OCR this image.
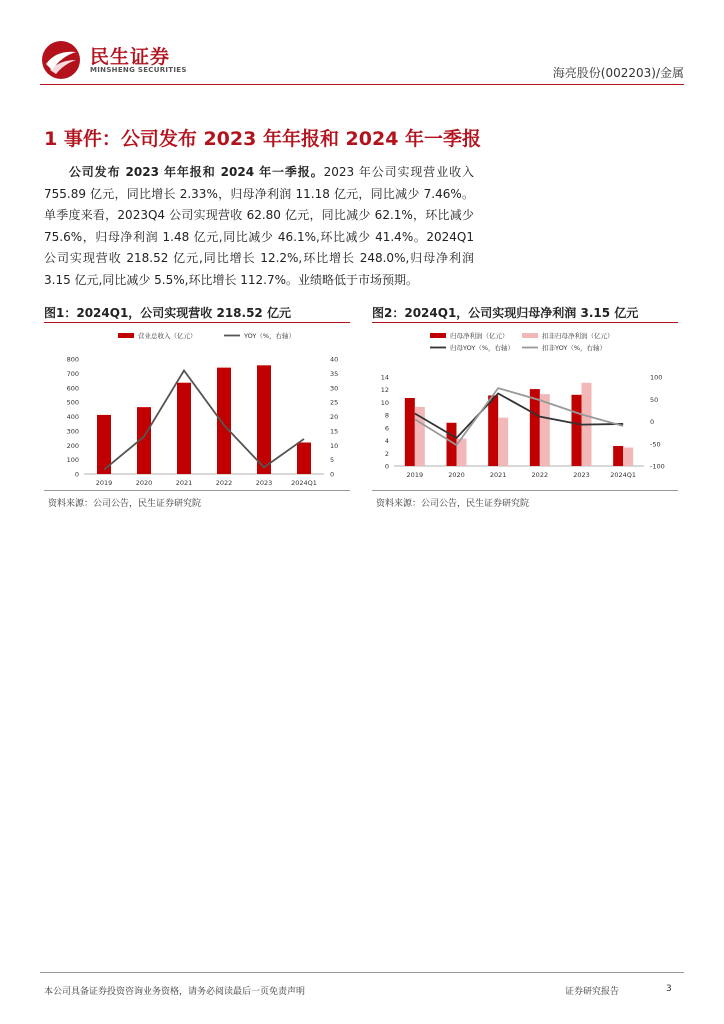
民生证券
MINSHENG SECURITIES	海亮股份(002203)/金属
1 事件：公司发布 2023 年年报和 2024 年一季报
公司发布 2023 年年报和 2024 年一季报。2023 年公司实现营业收入 755.89 亿元，同比增长 2.33%，归母净利润 11.18 亿元，同比减少 7.46%。单季度来看，2023Q4 公司实现营收 62.80 亿元，同比减少 62.1%，环比减少 75.6%，归母净利润 1.48 亿元,同比减少 46.1%,环比减少 41.4%。2024Q1 公司实现营收 218.52 亿元,同比增长 12.2%,环比增长 248.0%,归母净利润 3.15 亿元,同比减少 5.5%,环比增长 112.7%。业绩略低于市场预期。
图1：2024Q1，公司实现营收 218.52 亿元
0
100
200
300
400
500
600
700
800
0
5
10
15
20
25
30
35
40
2019	2020	2021	2022	2023	2024Q1
营业总收入（亿元）	YOY（%，右轴）
资料来源：公司公告，民生证券研究院
图2：2024Q1，公司实现归母净利润 3.15 亿元
0
2
4
6
8
10
12
14
-100
-50
0
50
100
2019	2020	2021	2022	2023	2024Q1
归母净利润（亿元）	扣非归母净利润（亿元）
归母YOY（%，右轴）	扣非YOY（%，右轴）
资料来源：公司公告，民生证券研究院
本公司具备证券投资咨询业务资格，请务必阅读最后一页免责声明	证券研究报告	3
